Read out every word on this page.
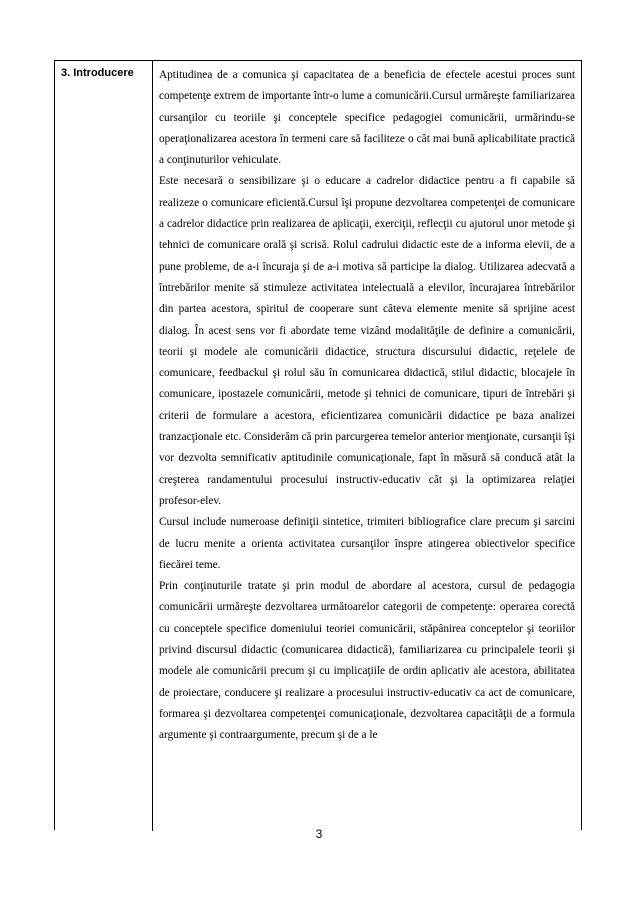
3. Introducere Aptitudinea de a comunica şi capacitatea de a beneficia de efectele acestui proces sunt competenţe extrem de importante într-o lume a comunicării.Cursul urmăreşte familiarizarea cursanţilor cu teoriile şi conceptele specifice pedagogiei comunicării, urmărindu-se operaţionalizarea acestora în termeni care să faciliteze o cât mai bună aplicabilitate practică a conţinuturilor vehiculate.

Este necesară o sensibilizare şi o educare a cadrelor didactice pentru a fi capabile să realizeze o comunicare eficientă.Cursul îşi propune dezvoltarea competenţei de comunicare a cadrelor didactice prin realizarea de aplicaţii, exerciţii, reflecţii cu ajutorul unor metode şi tehnici de comunicare orală şi scrisă. Rolul cadrului didactic este de a informa elevii, de a pune probleme, de a-i încuraja şi de a-i motiva să participe la dialog. Utilizarea adecvată a întrebărilor menite să stimuleze activitatea intelectuală a elevilor, încurajarea întrebărilor din partea acestora, spiritul de cooperare sunt câteva elemente menite să sprijine acest dialog. În acest sens vor fi abordate teme vizând modalităţile de definire a comunicării, teorii şi modele ale comunicării didactice, structura discursului didactic, reţelele de comunicare, feedbackul şi rolul său în comunicarea didactică, stilul didactic, blocajele în comunicare, ipostazele comunicării, metode şi tehnici de comunicare, tipuri de întrebări şi criterii de formulare a acestora, eficientizarea comunicării didactice pe baza analizei tranzacţionale etc. Considerăm că prin parcurgerea temelor anterior menţionate, cursanţii îşi vor dezvolta semnificativ aptitudinile comunicaţionale, fapt în măsură să conducă atât la creşterea randamentului procesului instructiv-educativ cât şi la optimizarea relaţiei profesor-elev.

Cursul include numeroase definiţii sintetice, trimiteri bibliografice clare precum şi sarcini de lucru menite a orienta activitatea cursanţilor înspre atingerea obiectivelor specifice fiecărei teme.

Prin conţinuturile tratate şi prin modul de abordare al acestora, cursul de pedagogia comunicării urmăreşte dezvoltarea următoarelor categorii de competenţe: operarea corectă cu conceptele specifice domeniului teoriei comunicării, stăpânirea conceptelor şi teoriilor privind discursul didactic (comunicarea didactică), familiarizarea cu principalele teorii şi modele ale comunicării precum şi cu implicaţiile de ordin aplicativ ale acestora, abilitatea de proiectare, conducere şi realizare a procesului instructiv-educativ ca act de comunicare, formarea şi dezvoltarea competenţei comunicaţionale, dezvoltarea capacităţii de a formula argumente şi contraargumente, precum şi de a le

3
